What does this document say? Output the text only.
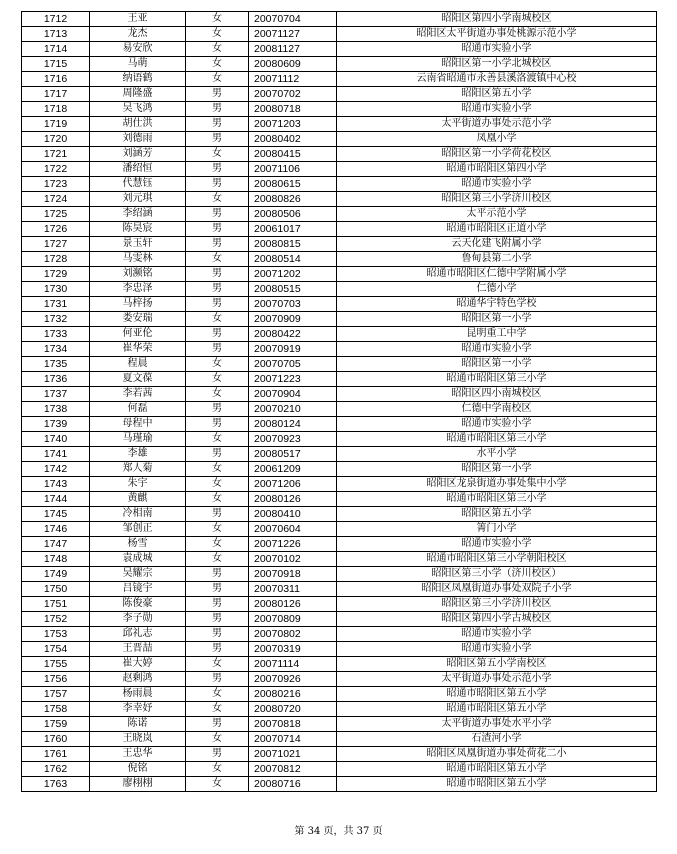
1712	王亚	女	20070704	昭阳区第四小学南城校区
1713	龙杰	女	20071127	昭阳区太平街道办事处桃源示范小学
1714	易安欣	女	20081127	昭通市实验小学
1715	马萌	女	20080609	昭阳区第一小学北城校区
1716	纳语鹤	女	20071112	云南省昭通市永善县溪洛渡镇中心校
1717	周隆盛	男	20070702	昭阳区第五小学
1718	吴飞鸿	男	20080718	昭通市实验小学
1719	胡仕洪	男	20071203	太平街道办事处示范小学
1720	刘德雨	男	20080402	凤凰小学
1721	刘涵芳	女	20080415	昭阳区第一小学荷花校区
1722	潘绍恒	男	20071106	昭通市昭阳区第四小学
1723	代慧钰	男	20080615	昭通市实验小学
1724	刘元琪	女	20080826	昭阳区第三小学济川校区
1725	李绍涵	男	20080506	太平示范小学
1726	陈昊宸	男	20061017	昭通市昭阳区正道小学
1727	景玉轩	男	20080815	云天化建飞附属小学
1728	马雯林	女	20080514	鲁甸县第二小学
1729	刘濒铭	男	20071202	昭通市昭阳区仁德中学附属小学
1730	李忠泽	男	20080515	仁德小学
1731	马梓扬	男	20070703	昭通华宇特色学校
1732	娄安瑞	女	20070909	昭阳区第一小学
1733	何亚伦	男	20080422	昆明重工中学
1734	崔华荣	男	20070919	昭通市实验小学
1735	程晨	女	20070705	昭阳区第一小学
1736	夏文葆	女	20071223	昭通市昭阳区第三小学
1737	李若茜	女	20070904	昭阳区四小南城校区
1738	何磊	男	20070210	仁德中学南校区
1739	母程中	男	20080124	昭通市实验小学
1740	马瑾瑜	女	20070923	昭通市昭阳区第三小学
1741	李雄	男	20080517	水平小学
1742	郑人菊	女	20061209	昭阳区第一小学
1743	朱宇	女	20071206	昭阳区龙泉街道办事处集中小学
1744	黄麒	女	20080126	昭通市昭阳区第三小学
1745	冷相南	男	20080410	昭阳区第五小学
1746	邹创正	女	20070604	箐门小学
1747	杨雪	女	20071226	昭通市实验小学
1748	袁成城	女	20070102	昭通市昭阳区第三小学朝阳校区
1749	吴耀宗	男	20070918	昭阳区第三小学（济川校区）
1750	吕镜宇	男	20070311	昭阳区凤凰街道办事处双院子小学
1751	陈俊豪	男	20080126	昭阳区第三小学济川校区
1752	李子勋	男	20070809	昭阳区第四小学古城校区
1753	邱礼志	男	20070802	昭通市实验小学
1754	王晋喆	男	20070319	昭通市实验小学
1755	崔大婷	女	20071114	昭阳区第五小学南校区
1756	赵剩鸿	男	20070926	太平街道办事处示范小学
1757	杨雨晨	女	20080216	昭通市昭阳区第五小学
1758	李幸妤	女	20080720	昭通市昭阳区第五小学
1759	陈诺	男	20070818	太平街道办事处水平小学
1760	王晓岚	女	20070714	石渣河小学
1761	王忠华	男	20071021	昭阳区凤凰街道办事处荷花二小
1762	倪铭	女	20070812	昭通市昭阳区第五小学
1763	廖栩栩	女	20080716	昭通市昭阳区第五小学
第 34 页，共 37 页
